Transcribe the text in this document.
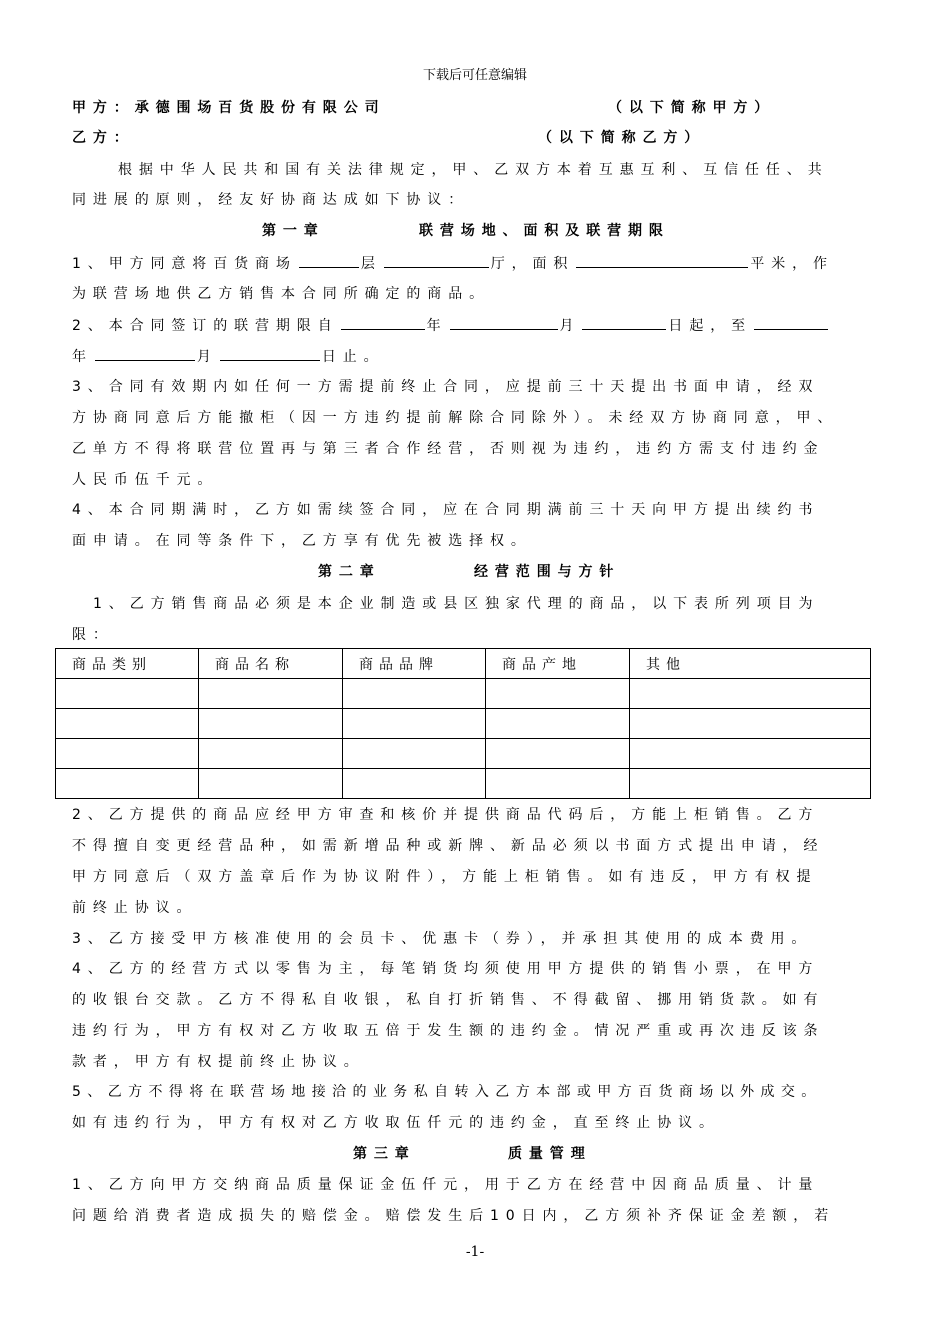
下载后可任意编辑
甲方：承德围场百货股份有限公司	（以下简称甲方）
乙方：	（以下简称乙方）
根据中华人民共和国有关法律规定，甲、乙双方本着互惠互利、互信任任、共
同进展的原则，经友好协商达成如下协议：
第一章	联营场地、面积及联营期限
1、甲方同意将百货商场	层	厅，面积	平米，作
为联营场地供乙方销售本合同所确定的商品。
2、本合同签订的联营期限自	年	月	日起，至
年	月	日止。
3、合同有效期内如任何一方需提前终止合同，应提前三十天提出书面申请，经双
方协商同意后方能撤柜（因一方违约提前解除合同除外）。未经双方协商同意，甲、
乙单方不得将联营位置再与第三者合作经营，否则视为违约，违约方需支付违约金
人民币伍千元。
4、本合同期满时，乙方如需续签合同，应在合同期满前三十天向甲方提出续约书
面申请。在同等条件下，乙方享有优先被选择权。
第二章	经营范围与方针
1、乙方销售商品必须是本企业制造或县区独家代理的商品，以下表所列项目为
限：
商品类别	商品名称	商品品牌	商品产地	其他

2、乙方提供的商品应经甲方审查和核价并提供商品代码后，方能上柜销售。乙方
不得擅自变更经营品种，如需新增品种或新牌、新品必须以书面方式提出申请，经
甲方同意后（双方盖章后作为协议附件），方能上柜销售。如有违反，甲方有权提
前终止协议。
3、乙方接受甲方核准使用的会员卡、优惠卡（券），并承担其使用的成本费用。
4、乙方的经营方式以零售为主，每笔销货均须使用甲方提供的销售小票，在甲方
的收银台交款。乙方不得私自收银，私自打折销售、不得截留、挪用销货款。如有
违约行为，甲方有权对乙方收取五倍于发生额的违约金。情况严重或再次违反该条
款者，甲方有权提前终止协议。
5、乙方不得将在联营场地接洽的业务私自转入乙方本部或甲方百货商场以外成交。
如有违约行为，甲方有权对乙方收取伍仟元的违约金，直至终止协议。
第三章	质量管理
1、乙方向甲方交纳商品质量保证金伍仟元，用于乙方在经营中因商品质量、计量
问题给消费者造成损失的赔偿金。赔偿发生后10日内，乙方须补齐保证金差额，若
-1-
